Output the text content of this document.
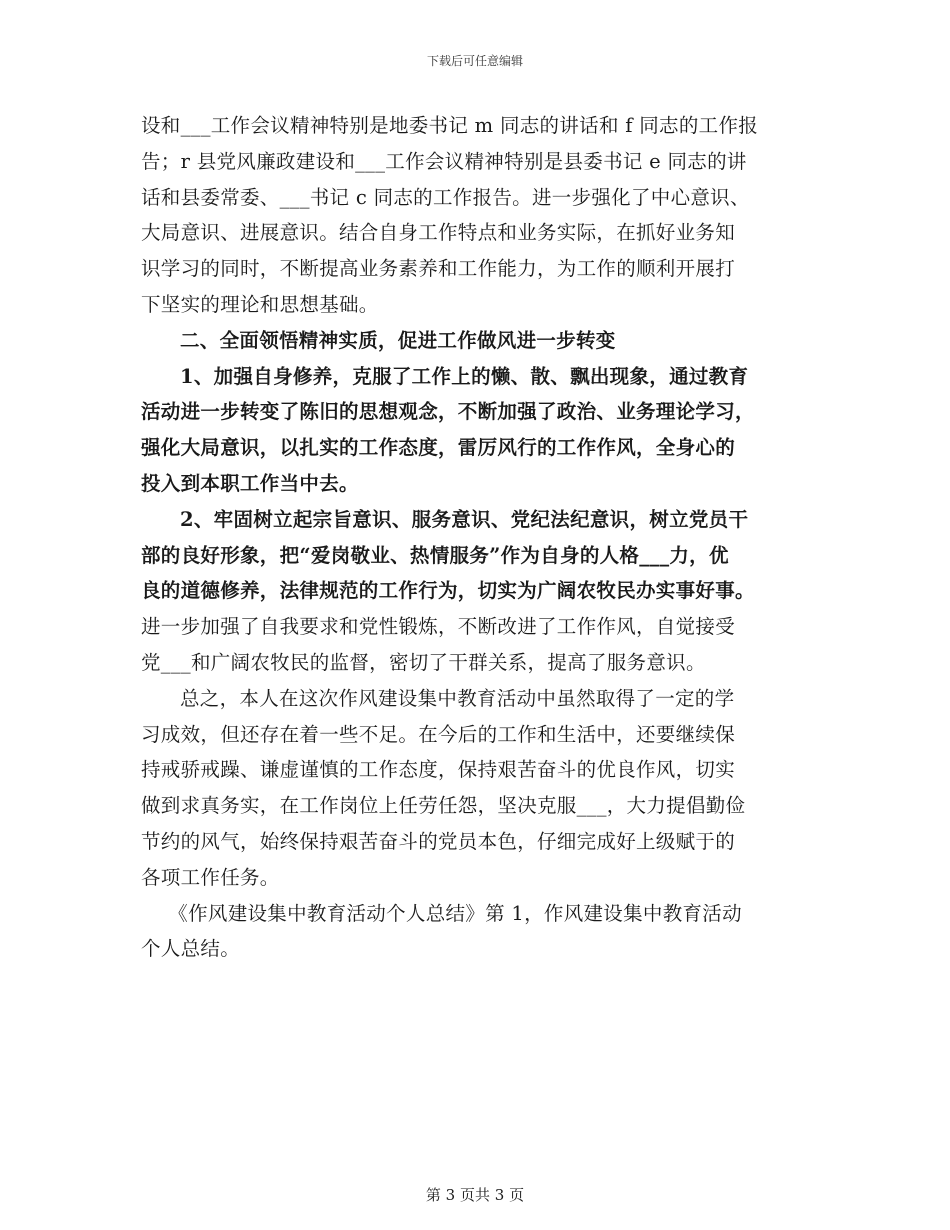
下载后可任意编辑

设和___工作会议精神特别是地委书记 m 同志的讲话和 f 同志的工作报
告；r 县党风廉政建设和___工作会议精神特别是县委书记 e 同志的讲
话和县委常委、___书记 c 同志的工作报告。进一步强化了中心意识、
大局意识、进展意识。结合自身工作特点和业务实际，在抓好业务知
识学习的同时，不断提高业务素养和工作能力，为工作的顺利开展打
下坚实的理论和思想基础。

二、全面领悟精神实质，促进工作做风进一步转变

1、加强自身修养，克服了工作上的懒、散、飘出现象，通过教育
活动进一步转变了陈旧的思想观念，不断加强了政治、业务理论学习，
强化大局意识，以扎实的工作态度，雷厉风行的工作作风，全身心的
投入到本职工作当中去。

2、牢固树立起宗旨意识、服务意识、党纪法纪意识，树立党员干
部的良好形象，把“爱岗敬业、热情服务”作为自身的人格___力，优
良的道德修养，法律规范的工作行为，切实为广阔农牧民办实事好事。

进一步加强了自我要求和党性锻炼，不断改进了工作作风，自觉接受
党___和广阔农牧民的监督，密切了干群关系，提高了服务意识。

总之，本人在这次作风建设集中教育活动中虽然取得了一定的学
习成效，但还存在着一些不足。在今后的工作和生活中，还要继续保
持戒骄戒躁、谦虚谨慎的工作态度，保持艰苦奋斗的优良作风，切实
做到求真务实，在工作岗位上任劳任怨，坚决克服___，大力提倡勤俭
节约的风气，始终保持艰苦奋斗的党员本色，仔细完成好上级赋于的
各项工作任务。

《作风建设集中教育活动个人总结》第 1，作风建设集中教育活动
个人总结。

第 3 页共 3 页
